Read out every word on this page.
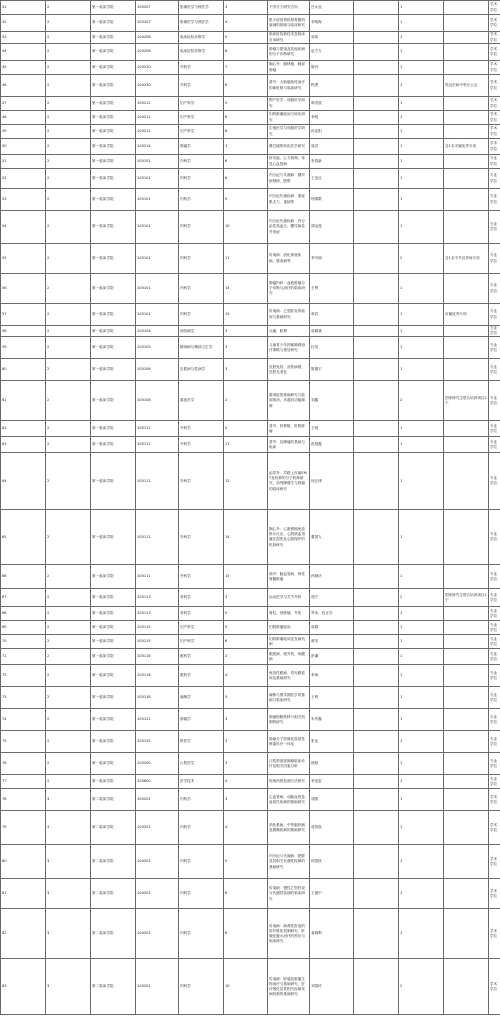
41	2	第一临床学院	100207	影像医学与核医学	3	不孕分子研究方向	吕女业		1		学术学位
42	2	第一临床学院	100207	影像医学与核医学	4	肌少症营养机制骨骼肌衰减的基础与临床研究	李明海		1		学术学位
43	2	第一临床学院	100208	临床检验诊断学	5	临床检验新技术及临床应用研究	周伟		1		学术学位
44	2	第一临床学院	100208	临床检验诊断学	6	肿瘤与感染及其他疾病的分子诊断研究	赵方方		1		学术学位
45	2	第一临床学院	100210	外科学	7	胸心外：肺移植；胸部肿瘤	陈丹		1		学术学位
46	2	第一临床学院	100210	外科学	8	普外：大肠癌免疫治疗的新机制与临床研究	程勇		1	瓷汉市和中等办公会	学术学位
47	2	第一临床学院	100211	妇产科学	5	围产医学：母胎医学研究	章洪波		1		学术学位
48	2	第一临床学院	100211	妇产科学	6	妇科肿瘤临床与转化研究	李明		1		学术学位
49	2	第一临床学院	100211	妇产科学	6	生殖医学与母胎医学研究	孙业阳		1		学术学位
50	2	第一临床学院	100214	肿瘤学	3	淋巴瘤的转化医学研究	周洪		1	含1名市属优秀专项	学术学位
51	2	第一临床学院	105101	内科学	6	肝功能，心力衰竭，常见心血管病	李春新		1		专业学位
52	2	第一临床学院	105101	内科学	6	内分泌与代谢病：糖尿病肾病，肥胖	王忠红		1		专业学位
53	2	第一临床学院	105101	内科学	9	内分泌代谢疾病：重症肌无力、重病等	杨黎歌		1		专业学位
54	2	第一临床学院	105101	内科学	10	内分泌代谢疾病：内分泌性高血压、糖尿病及并发症	胡金莲		1		专业学位
55	2	第一临床学院	105101	内科学	11	传染病：消化系统疾病、感染病等	李丹丽		2	含1名中外双导师专项	专业学位
56	2	第一临床学院	105101	内科学	14	肿瘤内科：血液肿瘤分子诊断与治疗的临床研究	王利		1		专业学位
57	2	第一临床学院	105101	内科学	15	传染病：乙型肝炎的临床与基础研究	章武		1	市属优秀专项	专业学位
58	2	第一临床学院	105104	神经病学	3	头痛，眩晕	周颖斌		1		专业学位
59	2	第一临床学院	105105	精神病与精神卫生学	3	儿童青少年抑郁障碍治疗策略与预后研究	杜英		1		专业学位
60	2	第一临床学院	105106	皮肤病与性病学	3	皮肤免疫、皮肤病理、皮肤光老化	陈德宇		1		专业学位
61	2	第一临床学院	105108	重症医学	2	脓毒症的基础研究与临床救治，多器官功能障碍	刘鑫		2	国家研究生联合培养项目2个	专业学位
62	2	第一临床学院	105111	外科学	5	普外：肝移植、肝胆肿瘤	王明		1		专业学位
63	2	第一临床学院	105111	外科学	11	普外：乳腺癌的基础与临床	范勋鑫		1		专业学位
64	2	第一临床学院	105111	外科学	12	泌尿外：尿路上皮癌EMT及转移的分子机制研究，前列腺增生与肿瘤的临床研究	何正律		1		专业学位
65	2	第一临床学院	105111	外科学	14	胸心外：心脏移植免疫排斥反应，心肌缺血再灌注损伤及心脏保护的机制研究	董国九		1		专业学位
66	2	第一临床学院	105111	外科学	15	神外：脑血管病，脊柱脊髓肿瘤	孙晓庆		1		专业学位
67	2	第一临床学院	105113	骨科学	3	运动医学与关节外科	胡宁		2	国家研究生联合培养项目2个	专业学位
68	2	第一临床学院	105113	骨科学	5	脊柱、骨肿瘤、外伤	罗冰，权正学		1		专业学位
69	2	第一临床学院	105115	妇产科学	5	妇科肿瘤临床	周娟		1		专业学位
70	2	第一临床学院	105115	妇产科学	6	妇科肿瘤临床及发病机制	黄英		1		专业学位
71	2	第一临床学院	105116	眼科学	2	眼底病、眼外伤、角膜病	彭谦		1		专业学位
72	2	第一临床学院	105116	眼科学	4	免疫性眼病、青光眼临床及基础研究	李涛		1		专业学位
73	2	第一临床学院	105118	麻醉学	5	麻醉与围术期医学的基础与临床研究	王利		1		专业学位
74	2	第一临床学院	105121	肿瘤学	3	肿瘤细胞转移与相关机制的研究	朱华鑫		1		专业学位
75	2	第一临床学院	105125	核医学	3	肿瘤分子影像及放射性核素诊疗一体化	张亚		1		专业学位
76	2	第一临床学院	105200	口腔医学	3	口腔颌面部肿瘤临床诊疗及相关因素分析	褚航		1		专业学位
77	2	第一临床学院	105800	医学技术	4	传统药物检测方法研究	李亚雷		1		专业学位
78	3	第二临床学院	100201	内科学	3	心血管病，动脉血栓及血栓性疾病的基础研究	胡燕		1		学术学位
79	3	第二临床学院	100201	内科学	4	消化系病，中等脑肝病及胰腺疾病的基础研究	周智凯		1		学术学位
80	3	第二临床学院	100201	内科学	5	内分泌与代谢病：肥胖及其相关代谢性疾病的基础研究	何智侠		1		学术学位
81	3	第二临床学院	100201	内科学	6	传染病：慢性乙型肝炎与代谢性疾病的临床研究	王德中		1		学术学位
82	3	第二临床学院	100201	内科学	8	传染病：病毒性肝炎的肝纤维化机制研究；肝硬化腹水治疗的预后与临床研究	姜晓利		1		学术学位
83	3	第二临床学院	100201	内科学	10	传染病：肝癌及肿瘤生物治疗与基础研究；肝纤维化及其相关疾病发病机制的基础研究	刘春玲		2		学术学位
